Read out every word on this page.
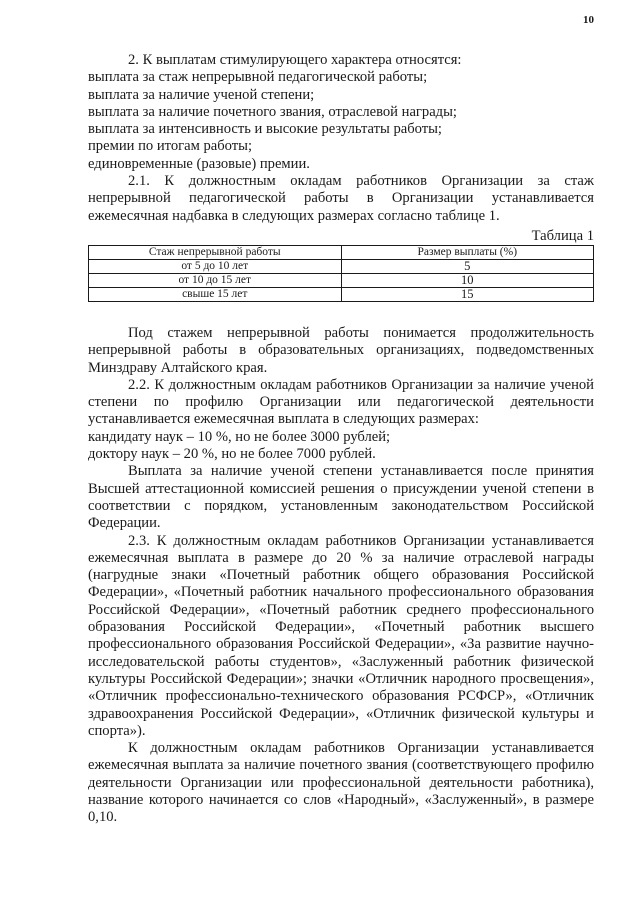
10

2. К выплатам стимулирующего характера относятся:

выплата за стаж непрерывной педагогической работы;

выплата за наличие ученой степени;

выплата за наличие почетного звания, отраслевой награды;

выплата за интенсивность и высокие результаты работы;

премии по итогам работы;

единовременные (разовые) премии.

2.1. К должностным окладам работников Организации за стаж непрерывной педагогической работы в Организации устанавливается ежемесячная надбавка в следующих размерах согласно таблице 1.

Таблица 1
Стаж непрерывной работы	Размер выплаты (%)
от 5 до 10 лет	5
от 10 до 15 лет	10
свыше 15 лет	15

Под стажем непрерывной работы понимается продолжительность непрерывной работы в образовательных организациях, подведомственных Минздраву Алтайского края.

2.2. К должностным окладам работников Организации за наличие ученой степени по профилю Организации или педагогической деятельности устанавливается ежемесячная выплата в следующих размерах:

кандидату наук – 10 %, но не более 3000 рублей;

доктору наук – 20 %, но не более 7000 рублей.

Выплата за наличие ученой степени устанавливается после принятия Высшей аттестационной комиссией решения о присуждении ученой степени в соответствии с порядком, установленным законодательством Российской Федерации.

2.3. К должностным окладам работников Организации устанавливается ежемесячная выплата в размере до 20 % за наличие отраслевой награды (нагрудные знаки «Почетный работник общего образования Российской Федерации», «Почетный работник начального профессионального образования Российской Федерации», «Почетный работник среднего профессионального образования Российской Федерации», «Почетный работник высшего профессионального образования Российской Федерации», «За развитие научно-исследовательской работы студентов», «Заслуженный работник физической культуры Российской Федерации»; значки «Отличник народного просвещения», «Отличник профессионально-технического образования РСФСР», «Отличник здравоохранения Российской Федерации», «Отличник физической культуры и спорта»).

К должностным окладам работников Организации устанавливается ежемесячная выплата за наличие почетного звания (соответствующего профилю деятельности Организации или профессиональной деятельности работника), название которого начинается со слов «Народный», «Заслуженный», в размере 0,10.
